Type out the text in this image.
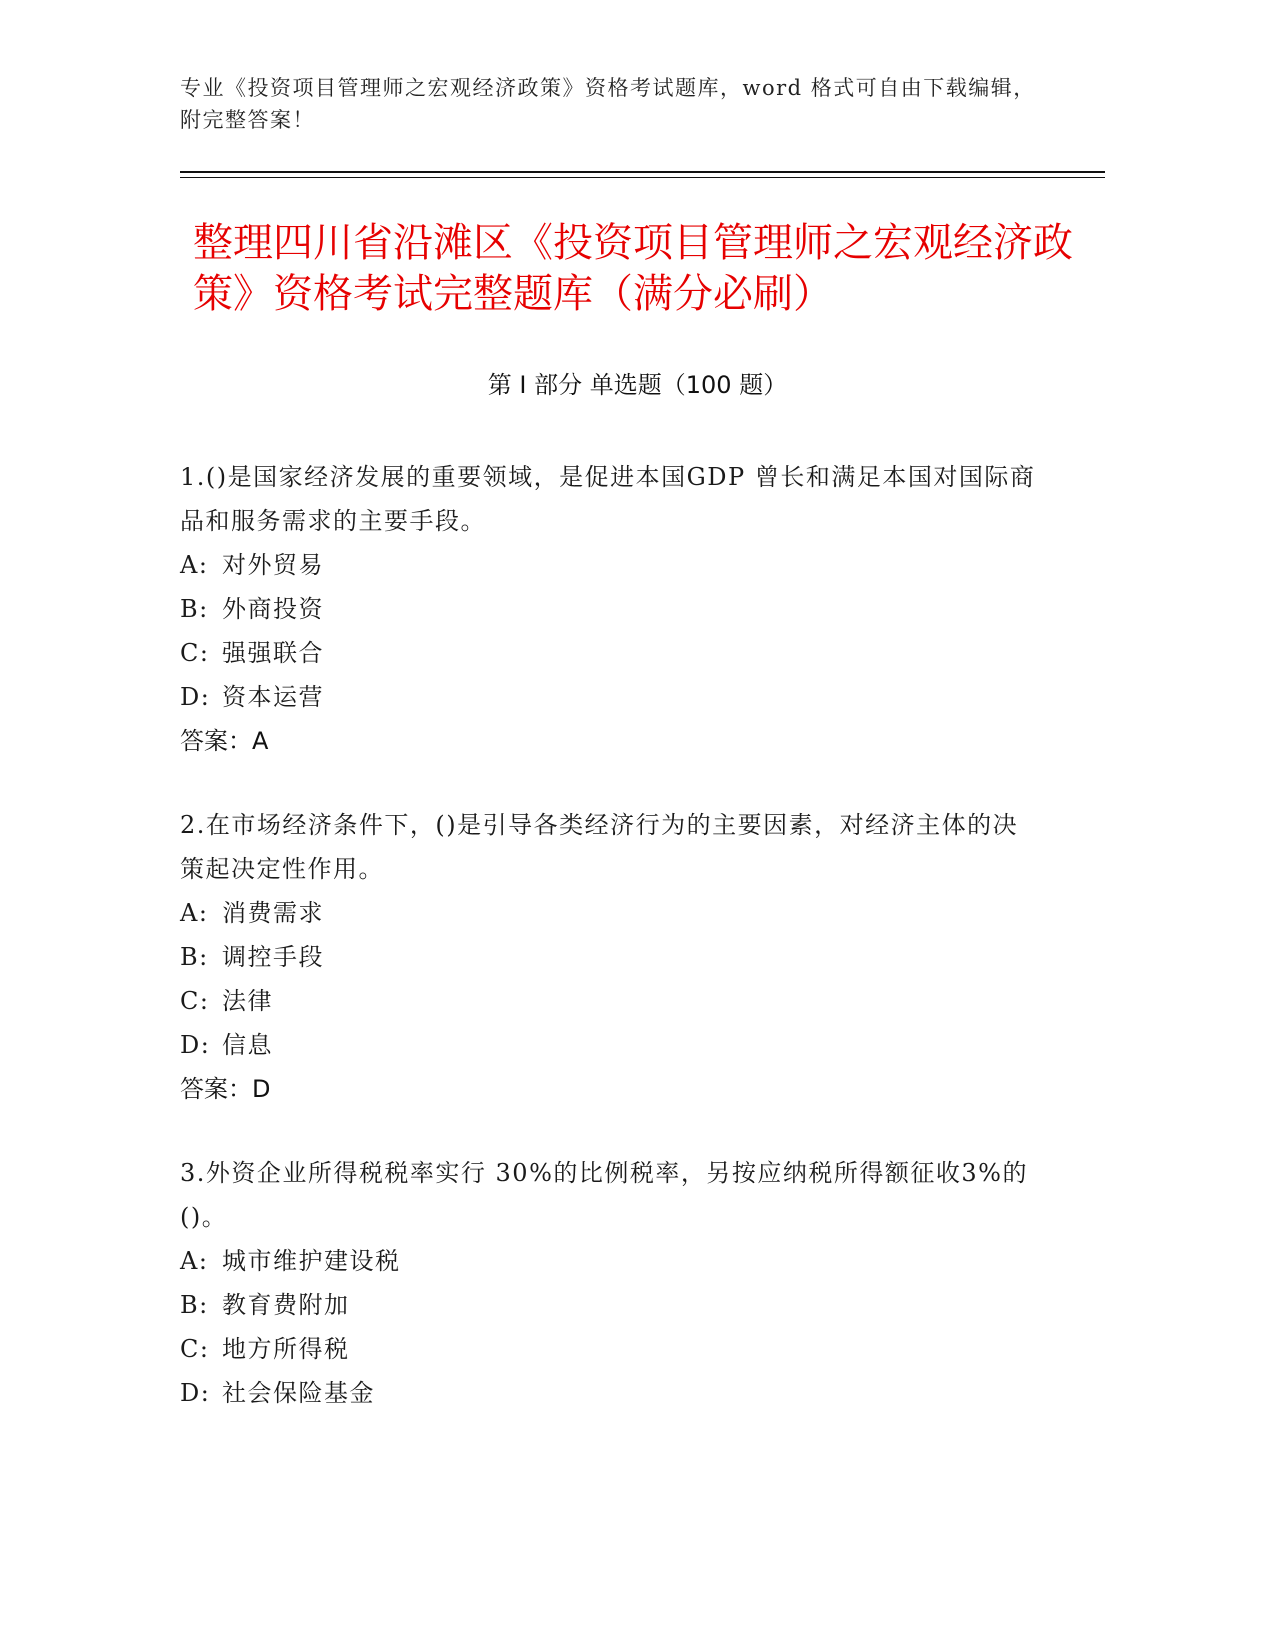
专业《投资项目管理师之宏观经济政策》资格考试题库，word 格式可自由下载编辑，附完整答案！
整理四川省沿滩区《投资项目管理师之宏观经济政策》资格考试完整题库（满分必刷）
第 I 部分 单选题（100 题）
1.()是国家经济发展的重要领域，是促进本国GDP 曾长和满足本国对国际商品和服务需求的主要手段。
A: 对外贸易
B: 外商投资
C: 强强联合
D: 资本运营
答案：A
2.在市场经济条件下，()是引导各类经济行为的主要因素，对经济主体的决策起决定性作用。
A: 消费需求
B: 调控手段
C: 法律
D: 信息
答案：D
3.外资企业所得税税率实行 30%的比例税率，另按应纳税所得额征收3%的()。
A: 城市维护建设税
B: 教育费附加
C: 地方所得税
D: 社会保险基金
